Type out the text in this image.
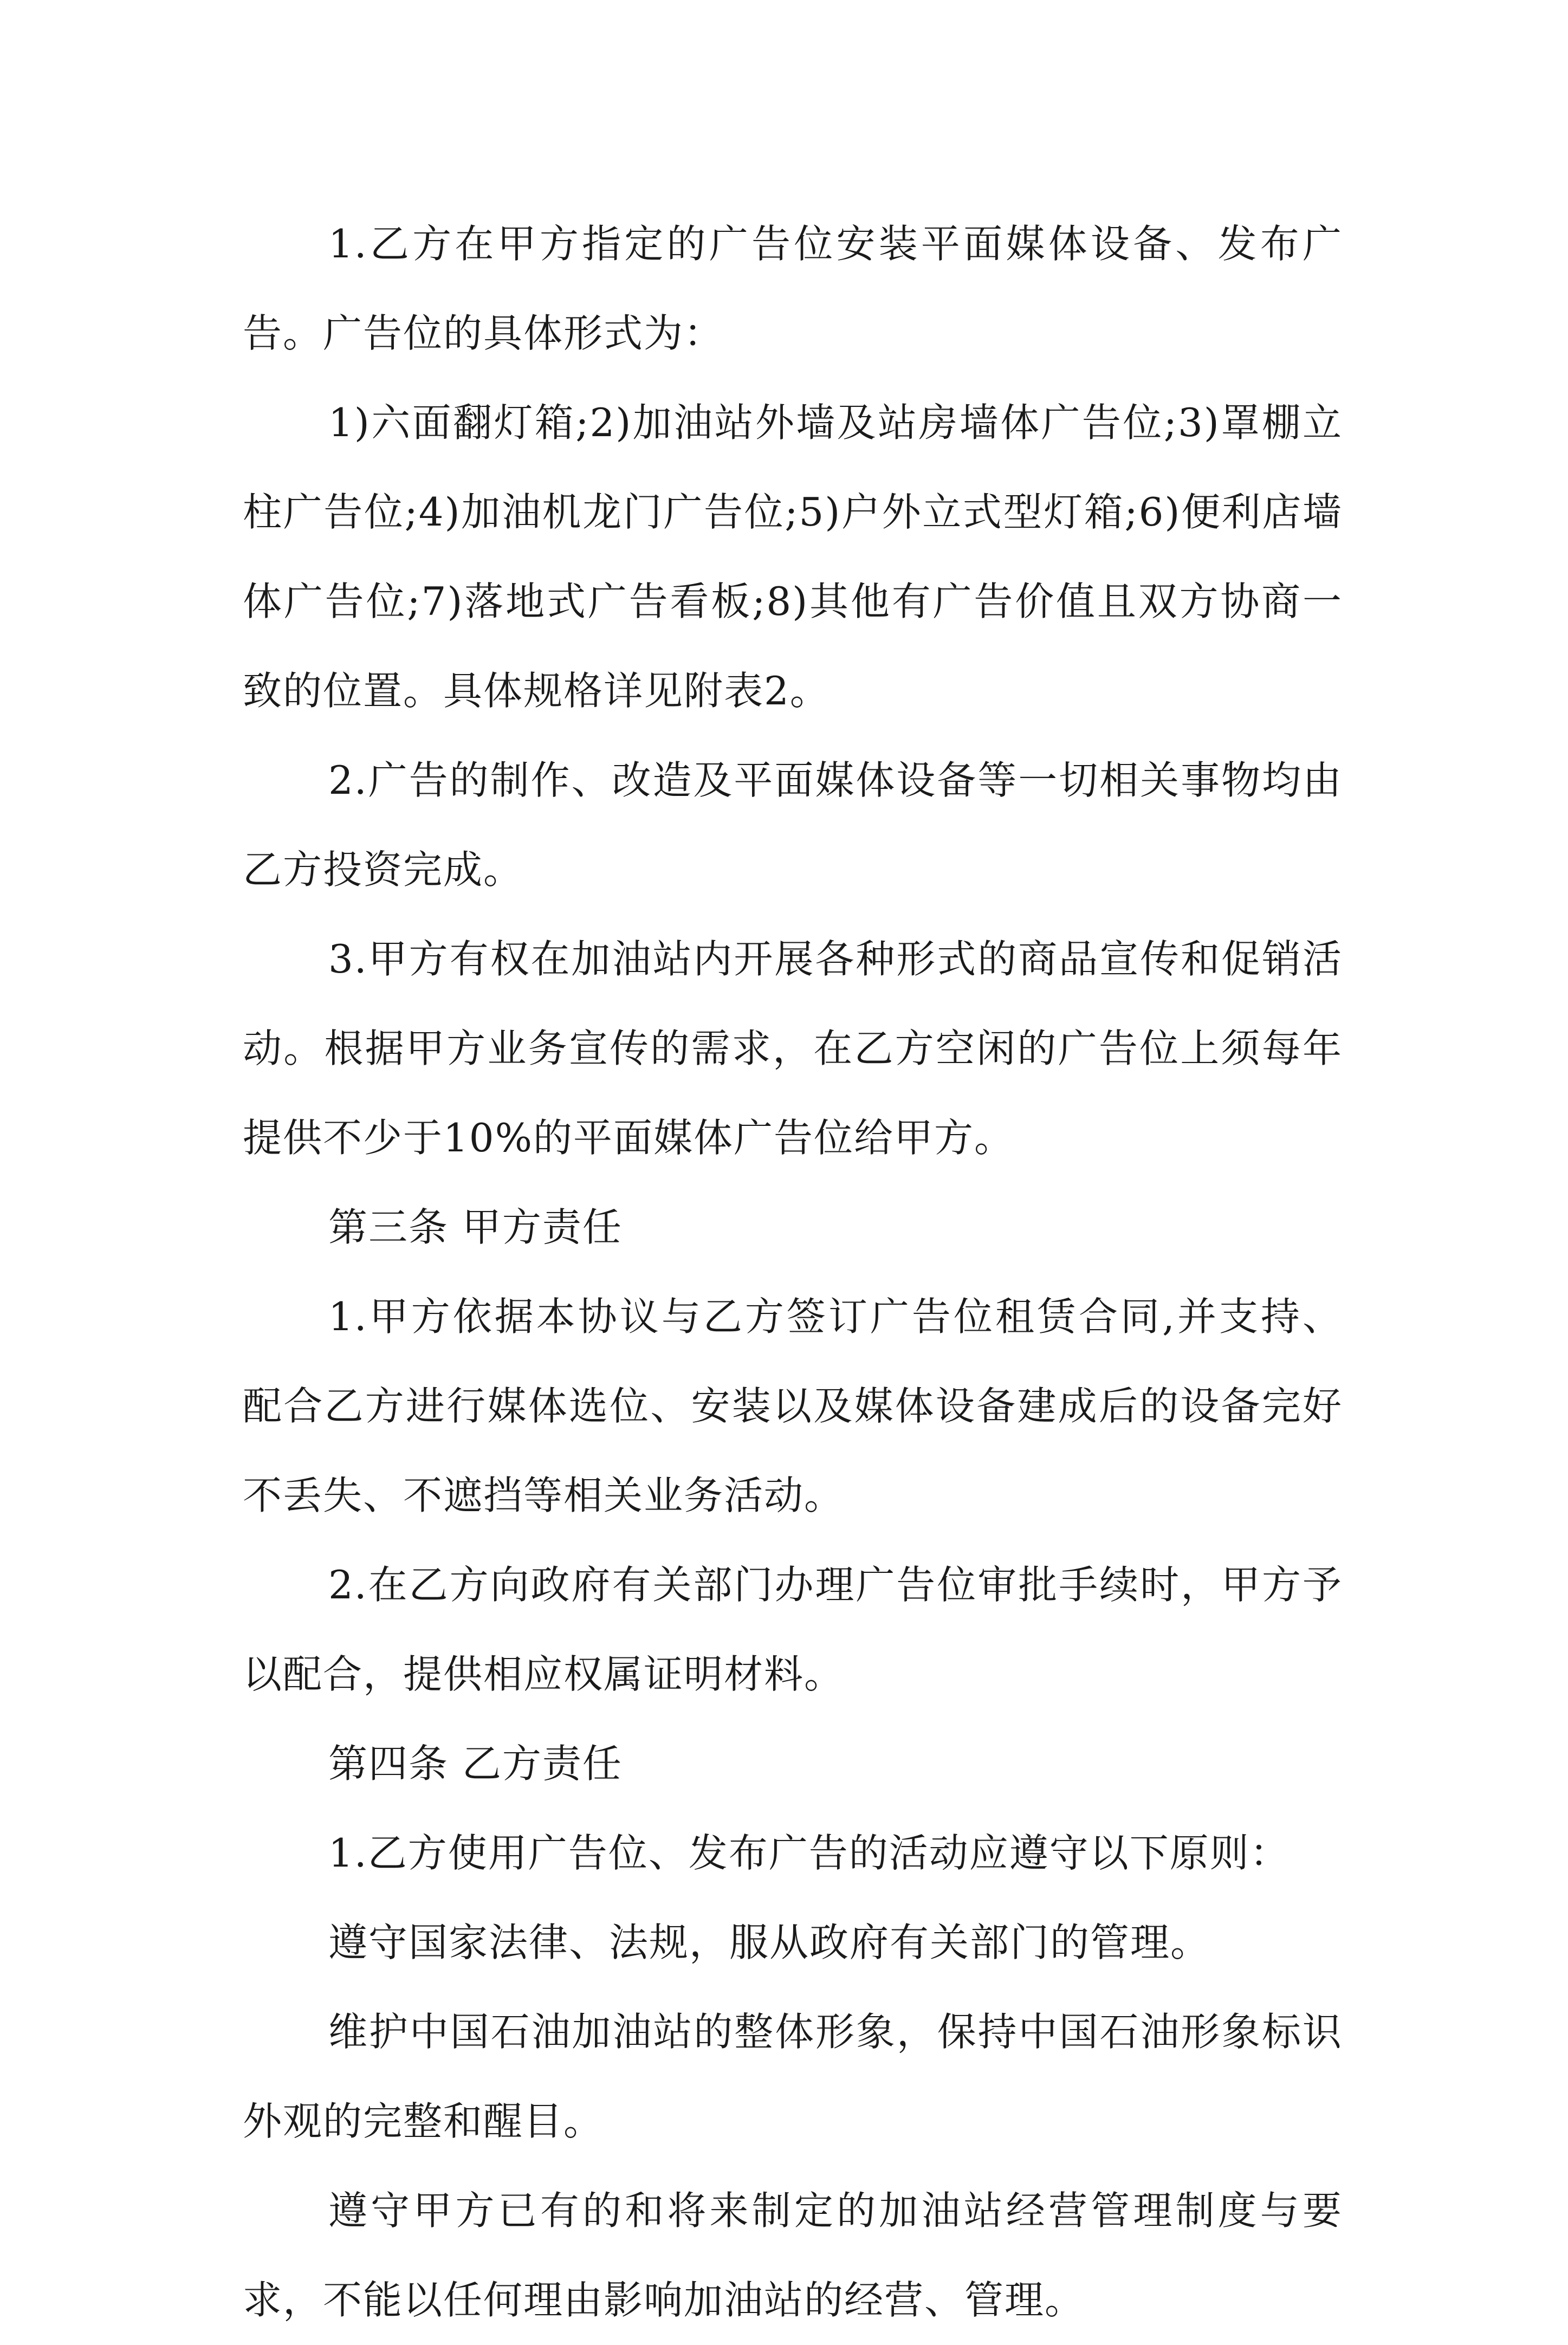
1.乙方在甲方指定的广告位安装平面媒体设备、发布广告。广告位的具体形式为：

1)六面翻灯箱;2)加油站外墙及站房墙体广告位;3)罩棚立柱广告位;4)加油机龙门广告位;5)户外立式型灯箱;6)便利店墙体广告位;7)落地式广告看板;8)其他有广告价值且双方协商一致的位置。具体规格详见附表2。

2.广告的制作、改造及平面媒体设备等一切相关事物均由乙方投资完成。

3.甲方有权在加油站内开展各种形式的商品宣传和促销活动。根据甲方业务宣传的需求，在乙方空闲的广告位上须每年提供不少于10%的平面媒体广告位给甲方。

第三条 甲方责任

1.甲方依据本协议与乙方签订广告位租赁合同,并支持、配合乙方进行媒体选位、安装以及媒体设备建成后的设备完好不丢失、不遮挡等相关业务活动。

2.在乙方向政府有关部门办理广告位审批手续时，甲方予以配合，提供相应权属证明材料。

第四条 乙方责任

1.乙方使用广告位、发布广告的活动应遵守以下原则：

遵守国家法律、法规，服从政府有关部门的管理。

维护中国石油加油站的整体形象，保持中国石油形象标识外观的完整和醒目。

遵守甲方已有的和将来制定的加油站经营管理制度与要求，不能以任何理由影响加油站的经营、管理。
